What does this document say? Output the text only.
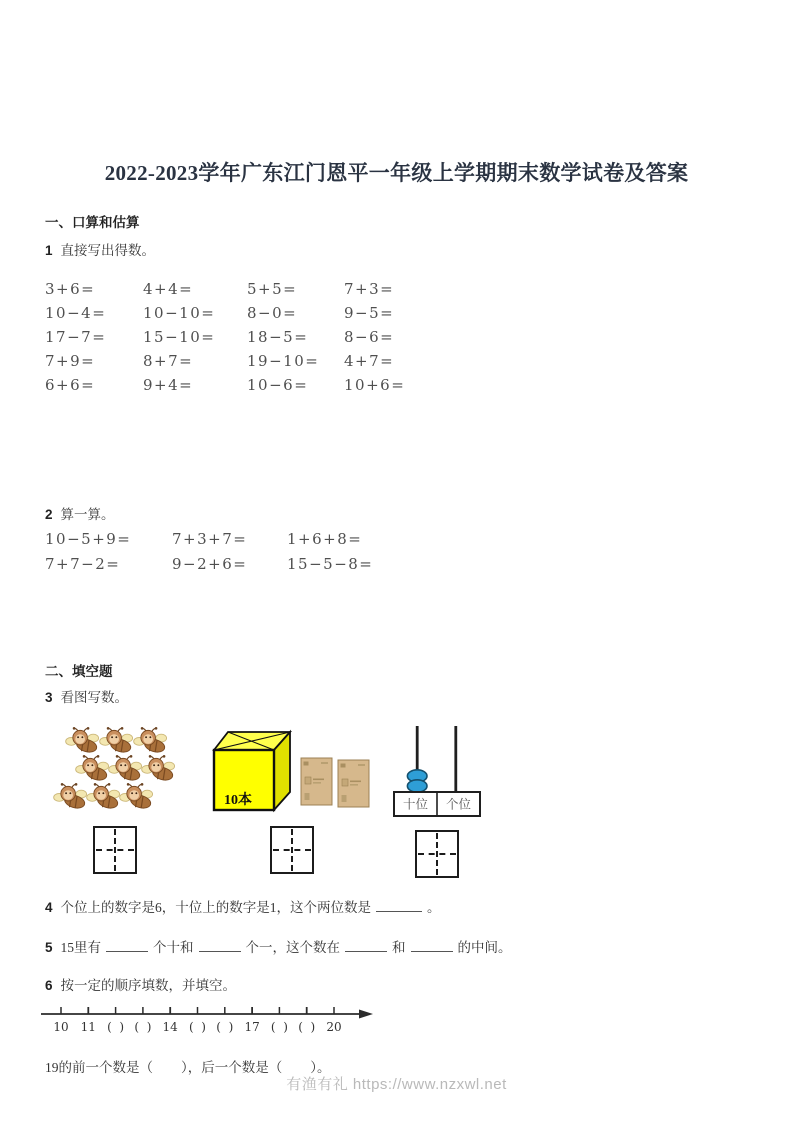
2022-2023学年广东江门恩平一年级上学期期末数学试卷及答案
一、口算和估算
1 直接写出得数。
3+6=	4+4=	5+5=	7+3=
10−4=	10−10=	8−0=	9−5=
17−7=	15−10=	18−5=	8−6=
7+9=	8+7=	19−10=	4+7=
6+6=	9+4=	10−6=	10+6=
2 算一算。
10−5+9=	7+3+7=	1+6+8=
7+7−2=	9−2+6=	15−5−8=
二、填空题
3 看图写数。
10本	十位 个位
4 个位上的数字是6，十位上的数字是1，这个两位数是	。
5 15里有	个十和	个一，这个数在	和	的中间。
6 按一定的顺序填数，并填空。
10 11 (  ) (  ) 14 (  ) (  ) 17 (  ) (  ) 20
19的前一个数是（ ），后一个数是（ ）。
有渔有礼 https://www.nzxwl.net
